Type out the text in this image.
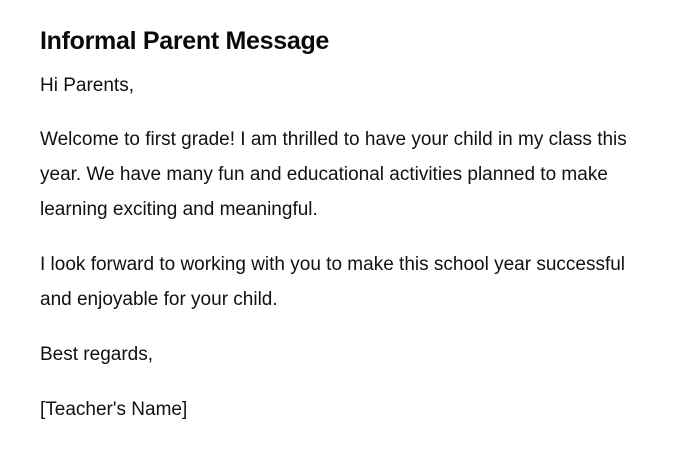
Informal Parent Message

Hi Parents,

Welcome to first grade! I am thrilled to have your child in my class this year. We have many fun and educational activities planned to make learning exciting and meaningful.

I look forward to working with you to make this school year successful and enjoyable for your child.

Best regards,

[Teacher's Name]
